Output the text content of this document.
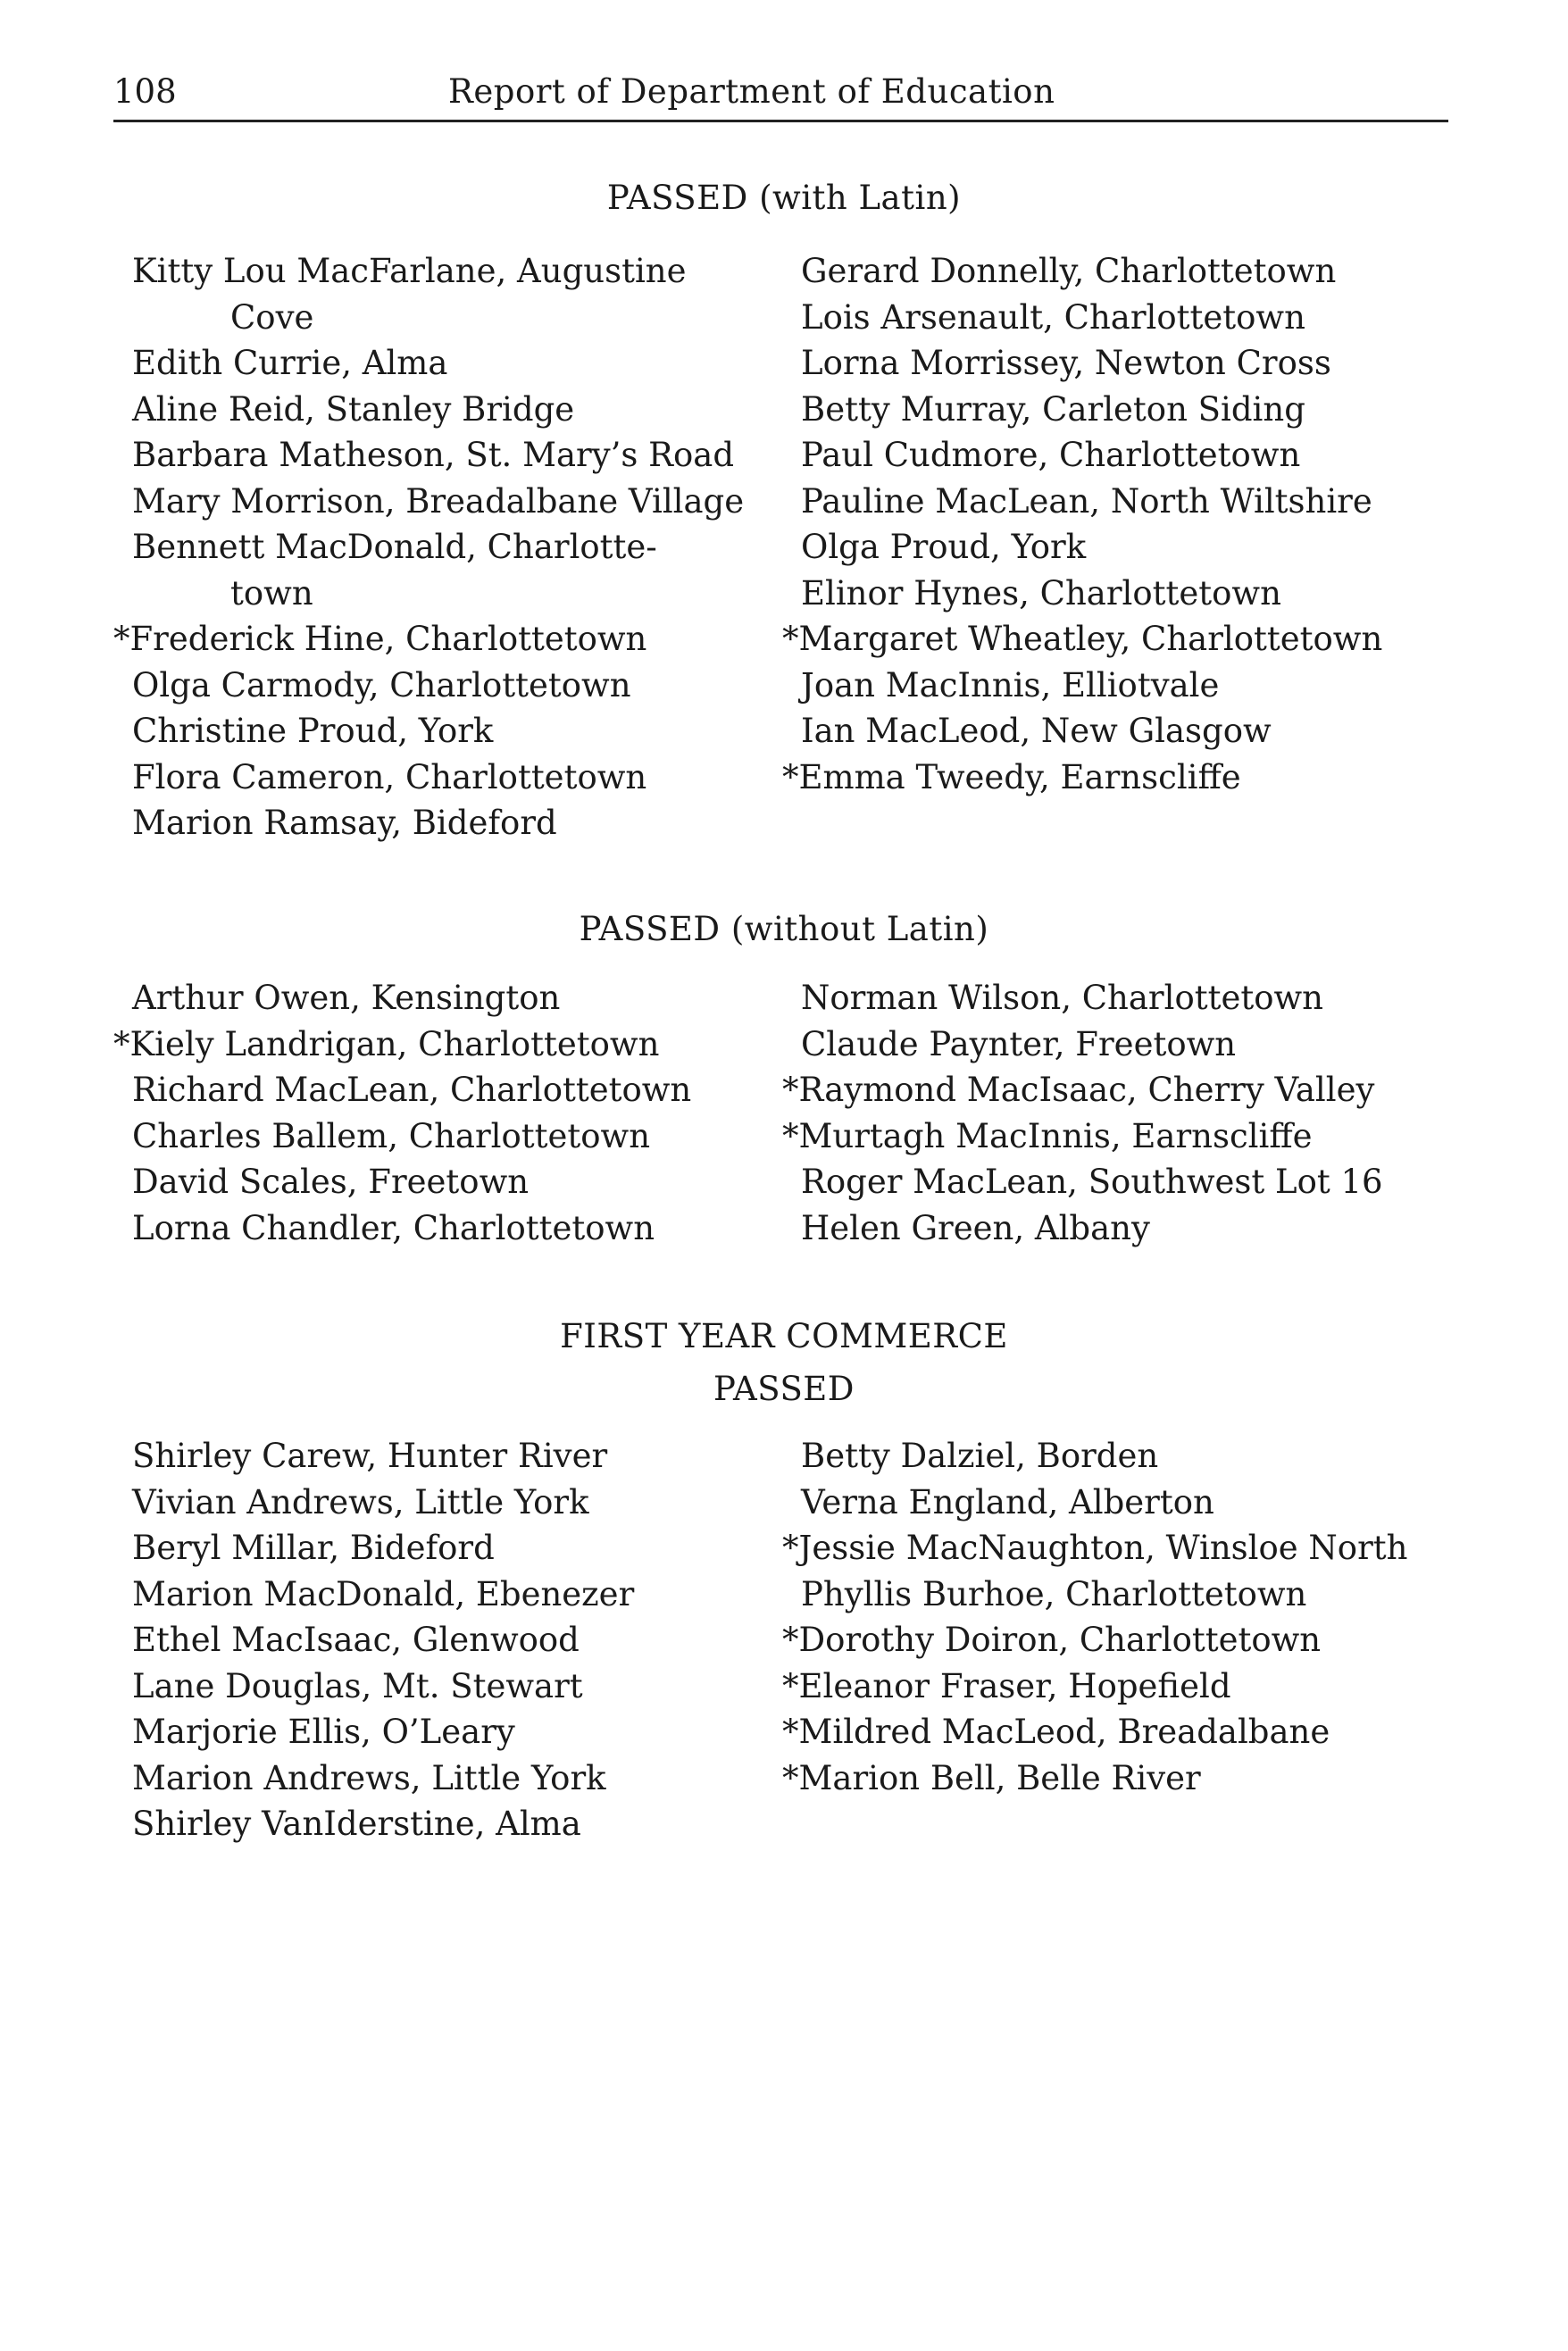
108	Report of Department of Education
PASSED (with Latin)
Kitty Lou MacFarlane, Augustine
Cove
Edith Currie, Alma
Aline Reid, Stanley Bridge
Barbara Matheson, St. Mary’s Road
Mary Morrison, Breadalbane Village
Bennett MacDonald, Charlotte-
town
*Frederick Hine, Charlottetown
Olga Carmody, Charlottetown
Christine Proud, York
Flora Cameron, Charlottetown
Marion Ramsay, Bideford
Gerard Donnelly, Charlottetown
Lois Arsenault, Charlottetown
Lorna Morrissey, Newton Cross
Betty Murray, Carleton Siding
Paul Cudmore, Charlottetown
Pauline MacLean, North Wiltshire
Olga Proud, York
Elinor Hynes, Charlottetown
*Margaret Wheatley, Charlottetown
Joan MacInnis, Elliotvale
Ian MacLeod, New Glasgow
*Emma Tweedy, Earnscliffe
PASSED (without Latin)
Arthur Owen, Kensington
*Kiely Landrigan, Charlottetown
Richard MacLean, Charlottetown
Charles Ballem, Charlottetown
David Scales, Freetown
Lorna Chandler, Charlottetown
Norman Wilson, Charlottetown
Claude Paynter, Freetown
*Raymond MacIsaac, Cherry Valley
*Murtagh MacInnis, Earnscliffe
Roger MacLean, Southwest Lot 16
Helen Green, Albany
FIRST YEAR COMMERCE
PASSED
Shirley Carew, Hunter River
Vivian Andrews, Little York
Beryl Millar, Bideford
Marion MacDonald, Ebenezer
Ethel MacIsaac, Glenwood
Lane Douglas, Mt. Stewart
Marjorie Ellis, O’Leary
Marion Andrews, Little York
Shirley VanIderstine, Alma
Betty Dalziel, Borden
Verna England, Alberton
*Jessie MacNaughton, Winsloe North
Phyllis Burhoe, Charlottetown
*Dorothy Doiron, Charlottetown
*Eleanor Fraser, Hopefield
*Mildred MacLeod, Breadalbane
*Marion Bell, Belle River
